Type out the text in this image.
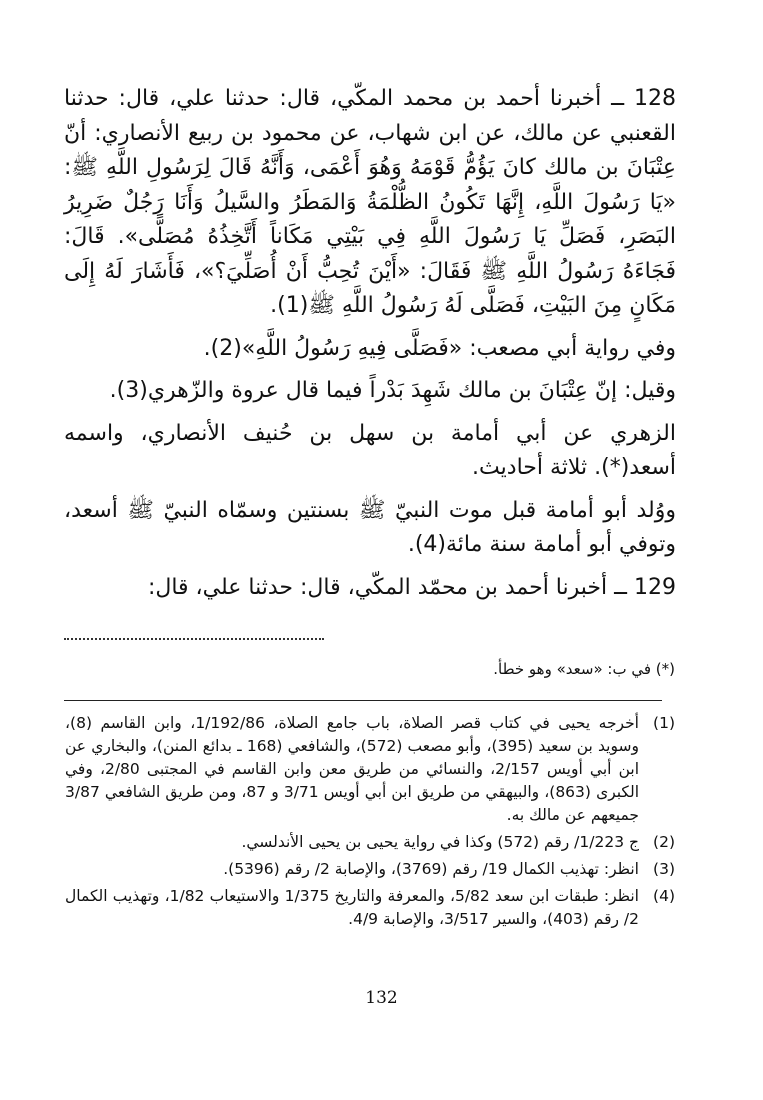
128 ــ أخبرنا أحمد بن محمد المكّي، قال: حدثنا علي، قال: حدثنا القعنبي عن مالك، عن ابن شهاب، عن محمود بن ربيع الأنصاري: أنّ عِتْبَانَ بن مالك كانَ يَؤُمُّ قَوْمَهُ وَهُوَ أَعْمَى، وَأَنَّهُ قَالَ لِرَسُولِ اللَّهِ ﷺ: «يَا رَسُولَ اللَّهِ، إِنَّهَا تَكُونُ الظُّلْمَةُ وَالمَطَرُ والسَّيلُ وَأَنَا رَجُلٌ ضَرِيرُ البَصَرِ، فَصَلِّ يَا رَسُولَ اللَّهِ فِي بَيْتِي مَكَاناً أَتَّخِذُهُ مُصَلًّى». قَالَ: فَجَاءَهُ رَسُولُ اللَّهِ ﷺ فَقَالَ: «أَيْنَ تُحِبُّ أَنْ أُصَلِّيَ؟»، فَأَشَارَ لَهُ إِلَى مَكَانٍ مِنَ البَيْتِ، فَصَلَّى لَهُ رَسُولُ اللَّهِ ﷺ(1).

وفي رواية أبي مصعب: «فَصَلَّى فِيهِ رَسُولُ اللَّهِ»(2).

وقيل: إنّ عِتْبَانَ بن مالك شَهِدَ بَدْراً فيما قال عروة والزّهري(3).

الزهري عن أبي أمامة بن سهل بن حُنيف الأنصاري، واسمه أسعد(*). ثلاثة أحاديث.

ووُلد أبو أمامة قبل موت النبيّ ﷺ بسنتين وسمّاه النبيّ ﷺ أسعد، وتوفي أبو أمامة سنة مائة(4).

129 ــ أخبرنا أحمد بن محمّد المكّي، قال: حدثنا علي، قال:

(*) في ب: «سعد» وهو خطأ.
(1)
أخرجه يحيى في كتاب قصر الصلاة، باب جامع الصلاة، 1/192/86، وابن القاسم (8)، وسويد بن سعيد (395)، وأبو مصعب (572)، والشافعي (168 ـ بدائع المنن)، والبخاري عن ابن أبي أويس 2/157، والنسائي من طريق معن وابن القاسم في المجتبى 2/80، وفي الكبرى (863)، والبيهقي من طريق ابن أبي أويس 3/71 و 87، ومن طريق الشافعي 3/87 جميعهم عن مالك به.
(2)
ج 1/223/ رقم (572) وكذا في رواية يحيى بن يحيى الأندلسي.
(3)
انظر: تهذيب الكمال 19/ رقم (3769)، والإصابة 2/ رقم (5396).
(4)
انظر: طبقات ابن سعد 5/82، والمعرفة والتاريخ 1/375 والاستيعاب 1/82، وتهذيب الكمال 2/ رقم (403)، والسير 3/517، والإصابة 4/9.
132
